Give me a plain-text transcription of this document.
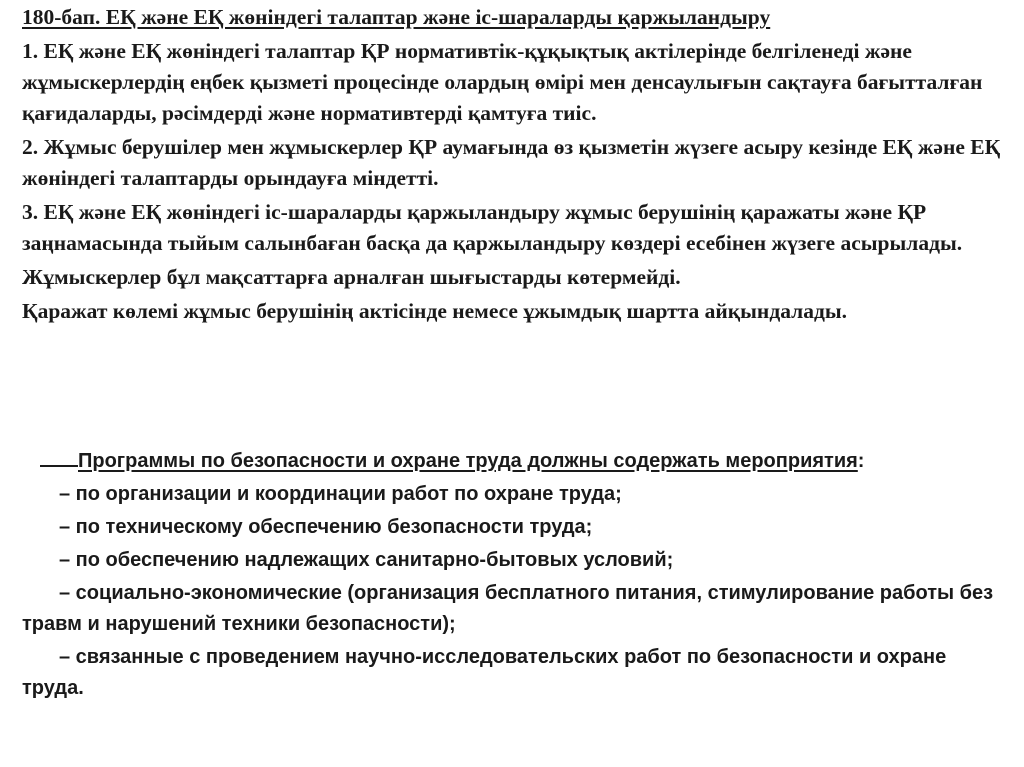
180-бап. ЕҚ және ЕҚ жөніндегі талаптар және іс-шараларды қаржыландыру

1. ЕҚ және ЕҚ жөніндегі талаптар ҚР нормативтік-құқықтық актілерінде белгіленеді және жұмыскерлердің еңбек қызметі процесінде олардың өмірі мен денсаулығын сақтауға бағытталған қағидаларды, рәсімдерді және нормативтерді қамтуға тиіс.

2. Жұмыс берушілер мен жұмыскерлер ҚР аумағында өз қызметін жүзеге асыру кезінде ЕҚ және ЕҚ жөніндегі талаптарды орындауға міндетті.

3. ЕҚ және ЕҚ жөніндегі іс-шараларды қаржыландыру жұмыс берушінің қаражаты және ҚР заңнамасында тыйым салынбаған басқа да қаржыландыру көздері есебінен жүзеге асырылады.

Жұмыскерлер бұл мақсаттарға арналған шығыстарды көтермейді.

Қаражат көлемі жұмыс берушінің актісінде немесе ұжымдық шартта айқындалады.

Программы по безопасности и охране труда должны содержать мероприятия:

– по организации и координации работ по охране труда;

– по техническому обеспечению безопасности труда;

– по обеспечению надлежащих санитарно-бытовых условий;

– социально-экономические (организация бесплатного питания, стимулирование работы без травм и нарушений техники безопасности);

– связанные с проведением научно-исследовательских работ по безопасности и охране труда.
